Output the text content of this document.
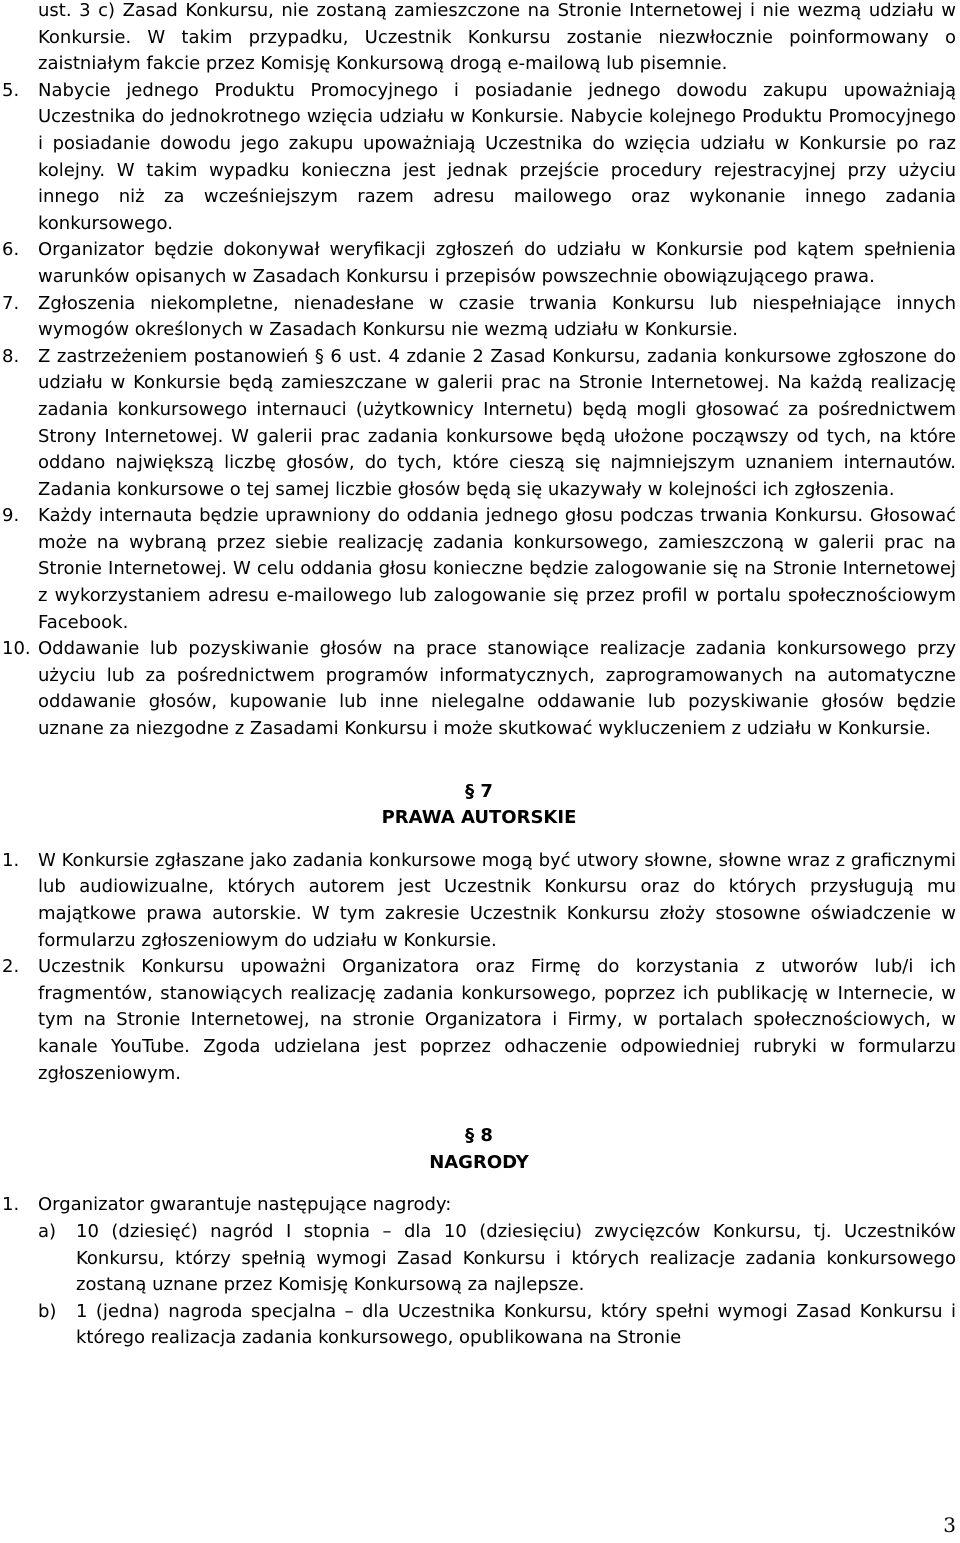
ust. 3 c) Zasad Konkursu, nie zostaną zamieszczone na Stronie Internetowej i nie wezmą udziału w Konkursie. W takim przypadku, Uczestnik Konkursu zostanie niezwłocznie poinformowany o zaistniałym fakcie przez Komisję Konkursową drogą e-mailową lub pisemnie.

5. Nabycie jednego Produktu Promocyjnego i posiadanie jednego dowodu zakupu upoważniają Uczestnika do jednokrotnego wzięcia udziału w Konkursie. Nabycie kolejnego Produktu Promocyjnego i posiadanie dowodu jego zakupu upoważniają Uczestnika do wzięcia udziału w Konkursie po raz kolejny. W takim wypadku konieczna jest jednak przejście procedury rejestracyjnej przy użyciu innego niż za wcześniejszym razem adresu mailowego oraz wykonanie innego zadania konkursowego.

6. Organizator będzie dokonywał weryfikacji zgłoszeń do udziału w Konkursie pod kątem spełnienia warunków opisanych w Zasadach Konkursu i przepisów powszechnie obowiązującego prawa.

7. Zgłoszenia niekompletne, nienadesłane w czasie trwania Konkursu lub niespełniające innych wymogów określonych w Zasadach Konkursu nie wezmą udziału w Konkursie.

8. Z zastrzeżeniem postanowień § 6 ust. 4 zdanie 2 Zasad Konkursu, zadania konkursowe zgłoszone do udziału w Konkursie będą zamieszczane w galerii prac na Stronie Internetowej. Na każdą realizację zadania konkursowego internauci (użytkownicy Internetu) będą mogli głosować za pośrednictwem Strony Internetowej. W galerii prac zadania konkursowe będą ułożone począwszy od tych, na które oddano największą liczbę głosów, do tych, które cieszą się najmniejszym uznaniem internautów. Zadania konkursowe o tej samej liczbie głosów będą się ukazywały w kolejności ich zgłoszenia.

9. Każdy internauta będzie uprawniony do oddania jednego głosu podczas trwania Konkursu. Głosować może na wybraną przez siebie realizację zadania konkursowego, zamieszczoną w galerii prac na Stronie Internetowej. W celu oddania głosu konieczne będzie zalogowanie się na Stronie Internetowej z wykorzystaniem adresu e-mailowego lub zalogowanie się przez profil w portalu społecznościowym Facebook.

10. Oddawanie lub pozyskiwanie głosów na prace stanowiące realizacje zadania konkursowego przy użyciu lub za pośrednictwem programów informatycznych, zaprogramowanych na automatyczne oddawanie głosów, kupowanie lub inne nielegalne oddawanie lub pozyskiwanie głosów będzie uznane za niezgodne z Zasadami Konkursu i może skutkować wykluczeniem z udziału w Konkursie.

§ 7
PRAWA AUTORSKIE
1. W Konkursie zgłaszane jako zadania konkursowe mogą być utwory słowne, słowne wraz z graficznymi lub audiowizualne, których autorem jest Uczestnik Konkursu oraz do których przysługują mu majątkowe prawa autorskie. W tym zakresie Uczestnik Konkursu złoży stosowne oświadczenie w formularzu zgłoszeniowym do udziału w Konkursie.

2. Uczestnik Konkursu upoważni Organizatora oraz Firmę do korzystania z utworów lub/i ich fragmentów, stanowiących realizację zadania konkursowego, poprzez ich publikację w Internecie, w tym na Stronie Internetowej, na stronie Organizatora i Firmy, w portalach społecznościowych, w kanale YouTube. Zgoda udzielana jest poprzez odhaczenie odpowiedniej rubryki w formularzu zgłoszeniowym.

§ 8
NAGRODY
1. Organizator gwarantuje następujące nagrody:

a) 10 (dziesięć) nagród I stopnia – dla 10 (dziesięciu) zwycięzców Konkursu, tj. Uczestników Konkursu, którzy spełnią wymogi Zasad Konkursu i których realizacje zadania konkursowego zostaną uznane przez Komisję Konkursową za najlepsze.

b) 1 (jedna) nagroda specjalna – dla Uczestnika Konkursu, który spełni wymogi Zasad Konkursu i którego realizacja zadania konkursowego, opublikowana na Stronie

3
